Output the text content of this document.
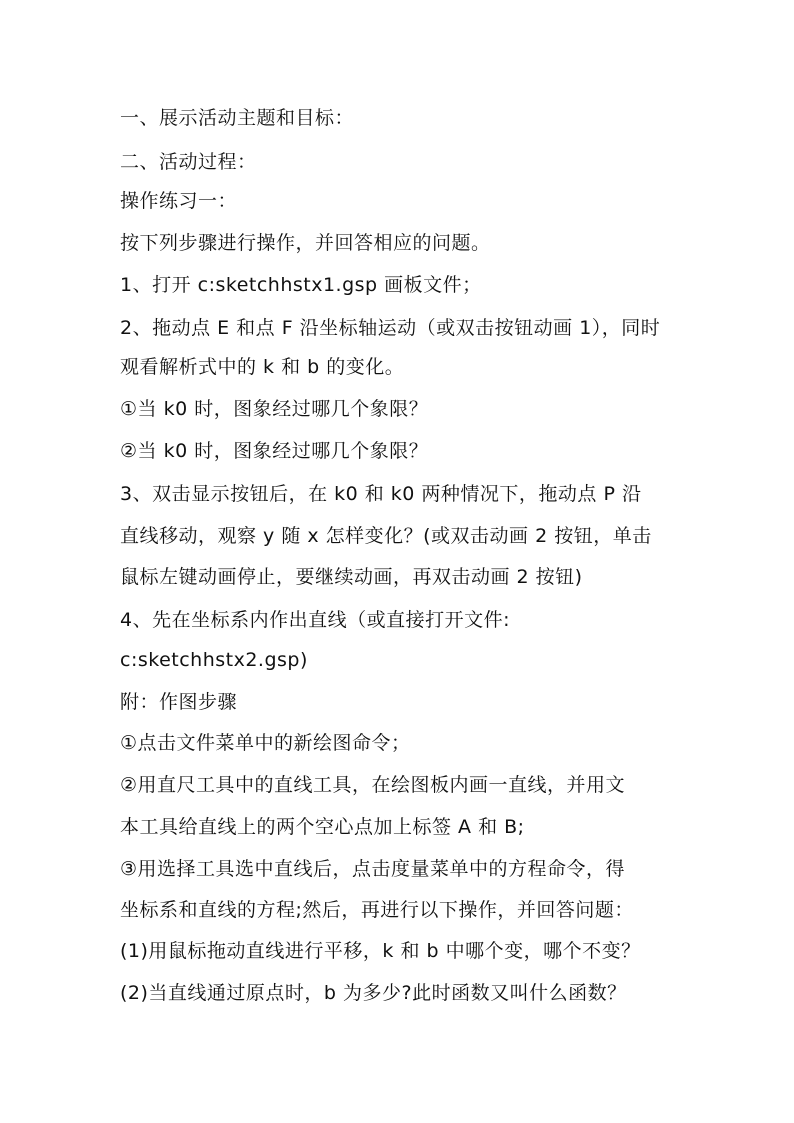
一、展示活动主题和目标：
二、活动过程：
操作练习一：
按下列步骤进行操作，并回答相应的问题。
1、打开 c:sketchhstx1.gsp 画板文件；
2、拖动点 E 和点 F 沿坐标轴运动（或双击按钮动画 1），同时
观看解析式中的 k 和 b 的变化。
①当 k0 时，图象经过哪几个象限？
②当 k0 时，图象经过哪几个象限？
3、双击显示按钮后，在 k0 和 k0 两种情况下，拖动点 P 沿
直线移动，观察 y 随 x 怎样变化？(或双击动画 2 按钮，单击
鼠标左键动画停止，要继续动画，再双击动画 2 按钮)
4、先在坐标系内作出直线（或直接打开文件:
c:sketchhstx2.gsp)
附：作图步骤
①点击文件菜单中的新绘图命令；
②用直尺工具中的直线工具，在绘图板内画一直线，并用文
本工具给直线上的两个空心点加上标签 A 和 B;
③用选择工具选中直线后，点击度量菜单中的方程命令，得
坐标系和直线的方程;然后，再进行以下操作，并回答问题：
(1)用鼠标拖动直线进行平移，k 和 b 中哪个变，哪个不变？
(2)当直线通过原点时，b 为多少?此时函数又叫什么函数？
